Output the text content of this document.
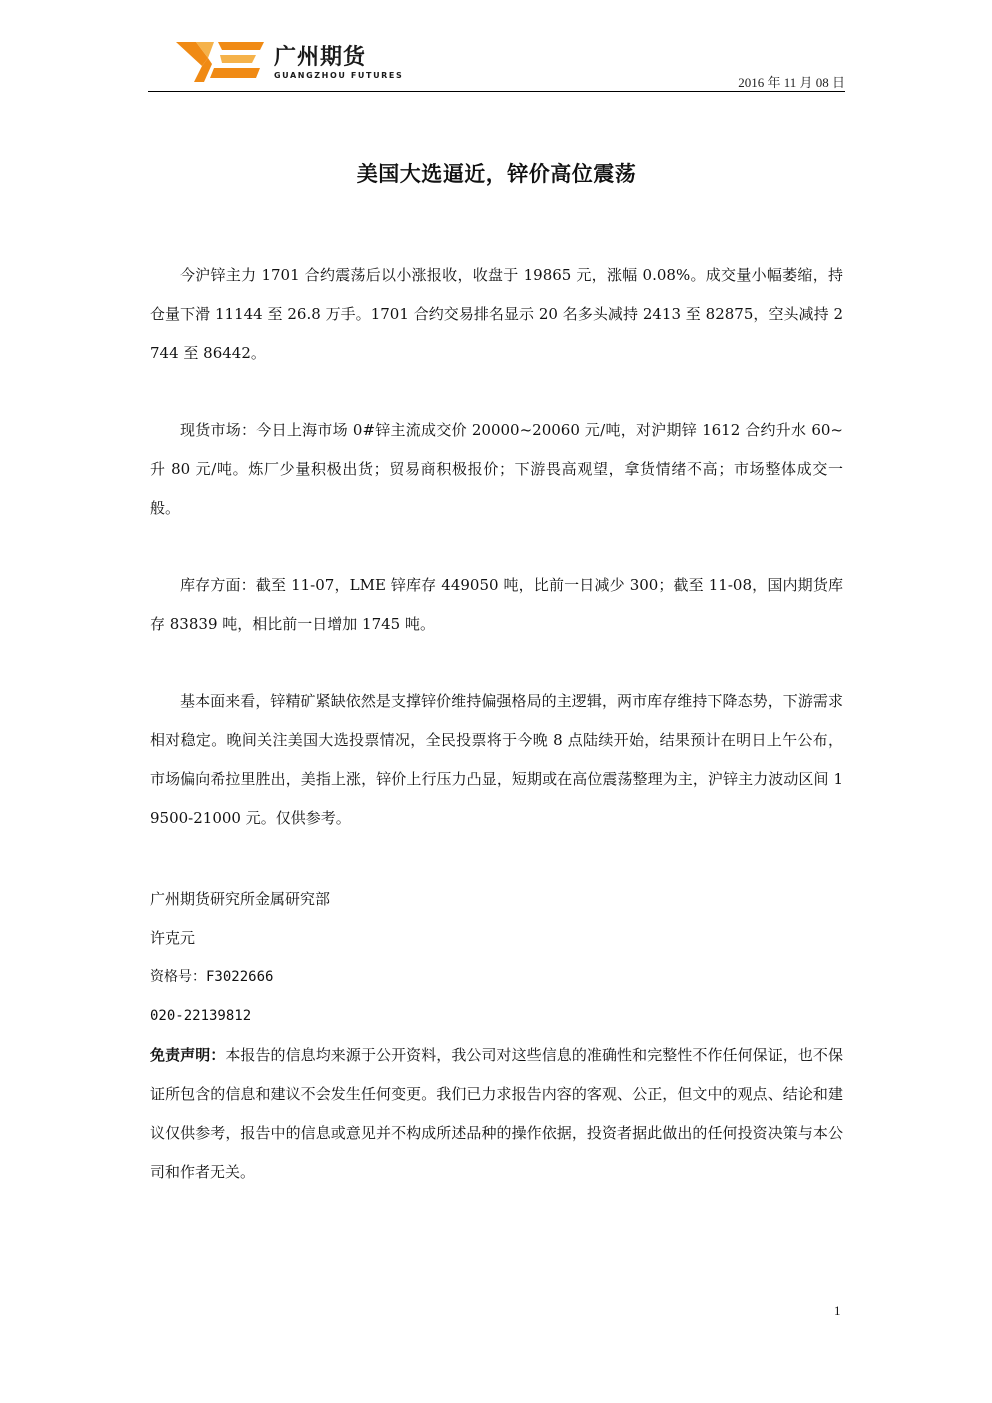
广州期货
GUANGZHOU FUTURES	2016 年 11 月 08 日
美国大选逼近，锌价高位震荡

今沪锌主力 1701 合约震荡后以小涨报收，收盘于 19865 元，涨幅 0.08%。成交量小幅萎缩，持仓量下滑 11144 至 26.8 万手。1701 合约交易排名显示 20 名多头减持 2413 至 82875，空头减持 2744 至 86442。

现货市场：今日上海市场 0#锌主流成交价 20000~20060 元/吨，对沪期锌 1612 合约升水 60~升 80 元/吨。炼厂少量积极出货；贸易商积极报价；下游畏高观望，拿货情绪不高；市场整体成交一般。

库存方面：截至 11-07，LME 锌库存 449050 吨，比前一日减少 300；截至 11-08，国内期货库存 83839 吨，相比前一日增加 1745 吨。

基本面来看，锌精矿紧缺依然是支撑锌价维持偏强格局的主逻辑，两市库存维持下降态势，下游需求相对稳定。晚间关注美国大选投票情况，全民投票将于今晚 8 点陆续开始，结果预计在明日上午公布，市场偏向希拉里胜出，美指上涨，锌价上行压力凸显，短期或在高位震荡整理为主，沪锌主力波动区间 19500-21000 元。仅供参考。

广州期货研究所金属研究部

许克元

资格号：F3022666

020-22139812

免责声明：本报告的信息均来源于公开资料，我公司对这些信息的准确性和完整性不作任何保证，也不保证所包含的信息和建议不会发生任何变更。我们已力求报告内容的客观、公正，但文中的观点、结论和建议仅供参考，报告中的信息或意见并不构成所述品种的操作依据，投资者据此做出的任何投资决策与本公司和作者无关。

1
